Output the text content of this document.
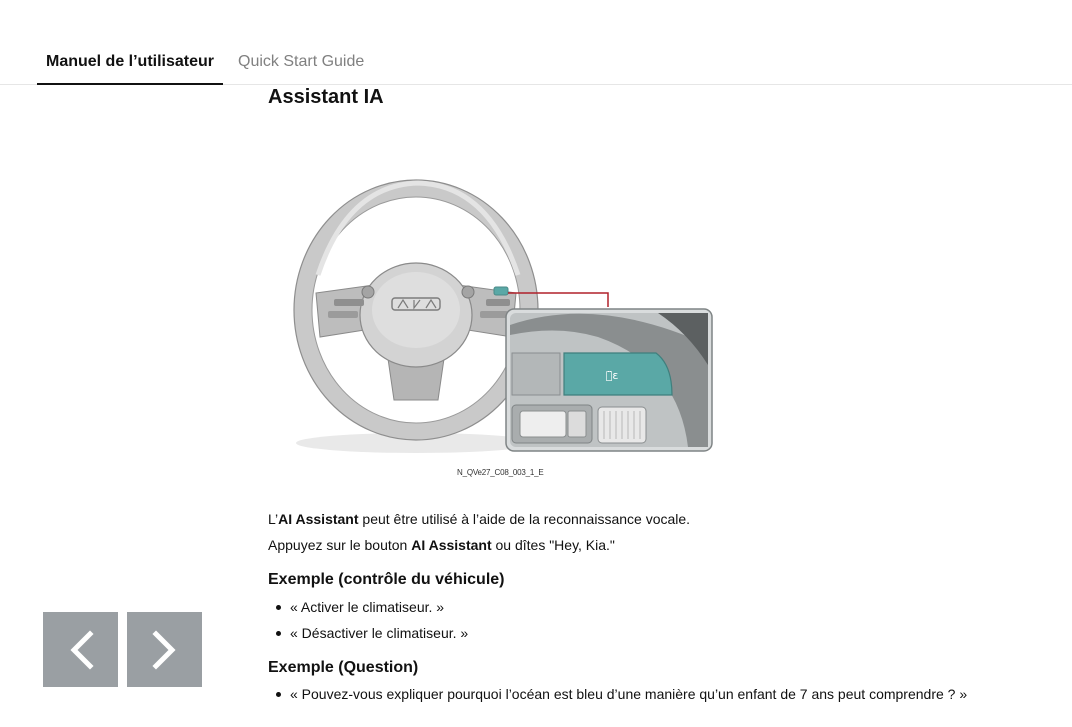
Manuel de l’utilisateur	Quick Start Guide
Assistant IA
ⓘ̈ε
N_QVe27_C08_003_1_E

L’AI Assistant peut être utilisé à l’aide de la reconnaissance vocale.

Appuyez sur le bouton AI Assistant ou dîtes "Hey, Kia."

Exemple (contrôle du véhicule)
« Activer le climatiseur. »
« Désactiver le climatiseur. »
Exemple (Question)
« Pouvez-vous expliquer pourquoi l’océan est bleu d’une manière qu’un enfant de 7 ans peut comprendre ? »
